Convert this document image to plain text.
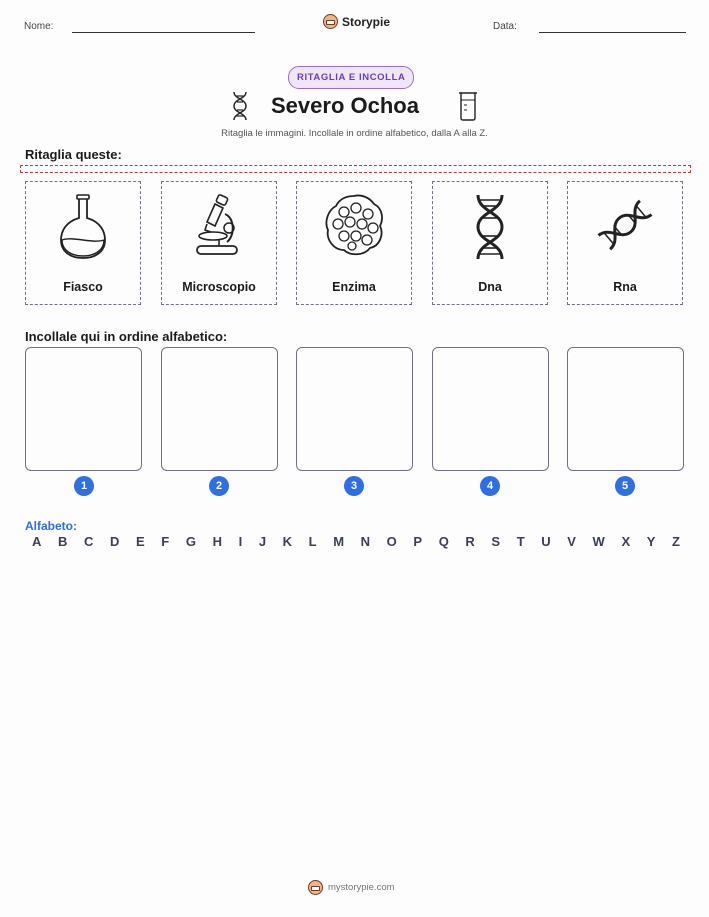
Nome:	Storypie	Data:
RITAGLIA E INCOLLA
Severo Ochoa
Ritaglia le immagini. Incollale in ordine alfabetico, dalla A alla Z.
Ritaglia queste:
Fiasco	Microscopio	Enzima	Dna	Rna
Incollale qui in ordine alfabetico:
1	2	3	4	5
Alfabeto:
A B C D E F G H I J K L M N O P Q R S T U V W X Y Z
mystorypie.com
